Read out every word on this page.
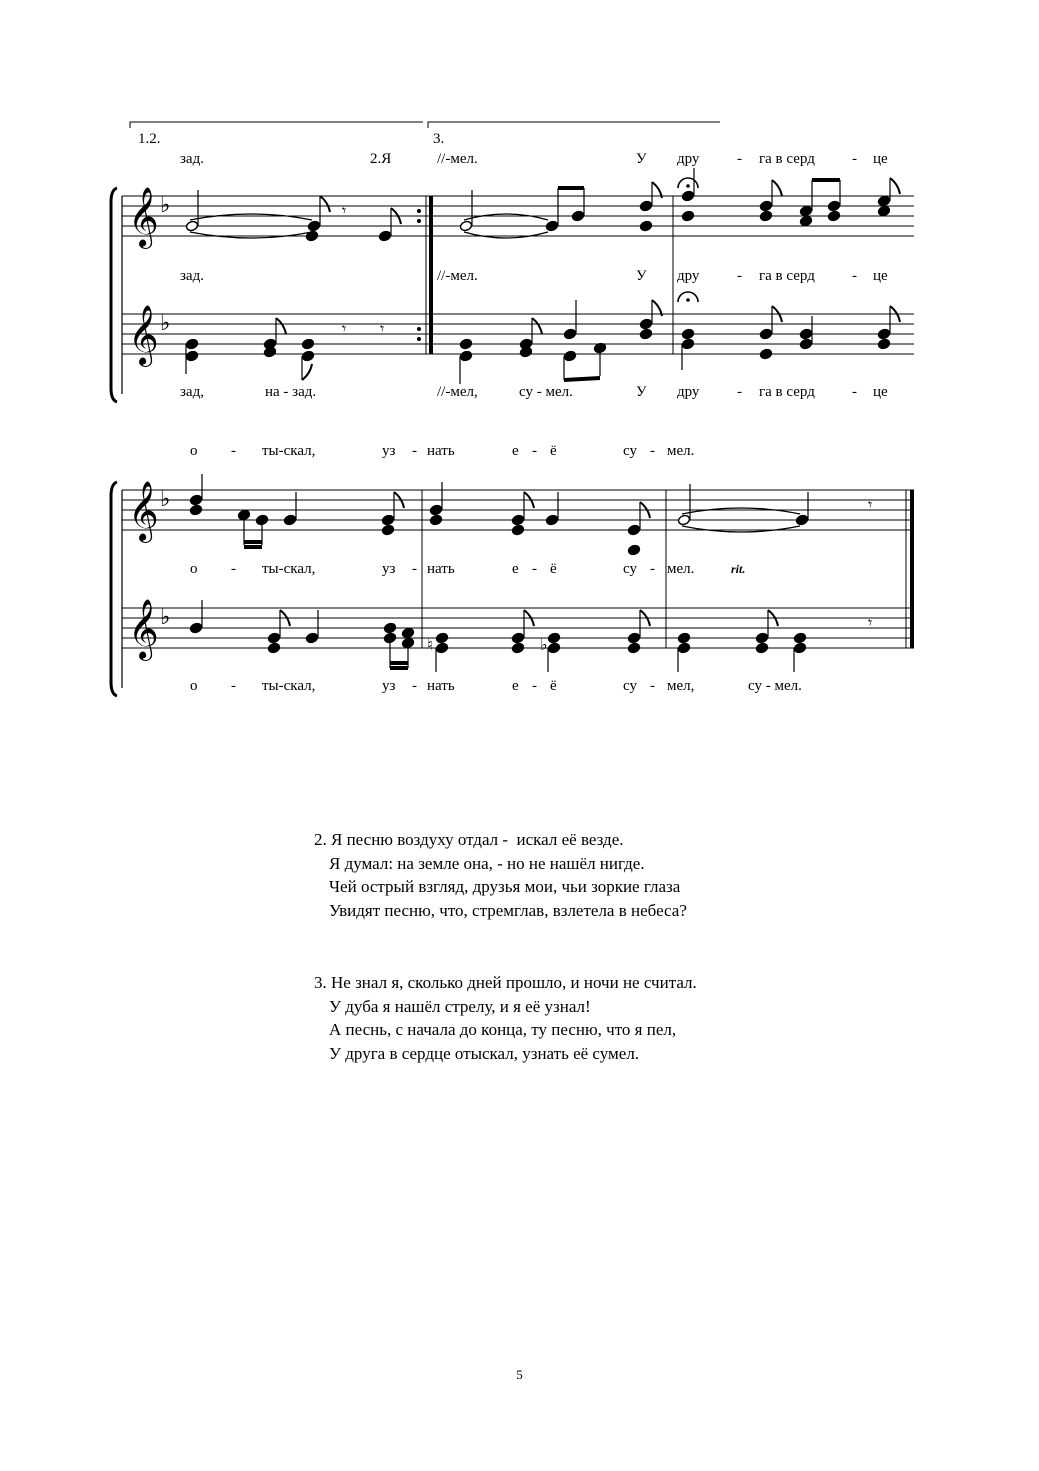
𝄞 ♭
𝄞 ♭
𝄞 ♭
𝄞 ♭
𝄾
𝄾 𝄾
𝄾
♮	♭
𝄾
1.2.	3.
зад.	2.Я	//-мел.	У дру	- га в серд - це
зад.	//-мел.	У дру	- га в серд - це
зад,	на - зад.	//-мел,	су - мел.	У дру	- га в серд - це
о - ты-скал,	уз - нать	е - ё	су - мел.
о - ты-скал,	уз - нать	е - ё	су - мел.	rit.
о - ты-скал,	уз - нать	е - ё	су - мел,	су - мел.
2. Я песню воздуху отдал -  искал её везде.
Я думал: на земле она, - но не нашёл нигде.
Чей острый взгляд, друзья мои, чьи зоркие глаза
Увидят песню, что, стремглав, взлетела в небеса?
3. Не знал я, сколько дней прошло, и ночи не считал.
У дуба я нашёл стрелу, и я её узнал!
А песнь, с начала до конца, ту песню, что я пел,
У друга в сердце отыскал, узнать её сумел.
5
